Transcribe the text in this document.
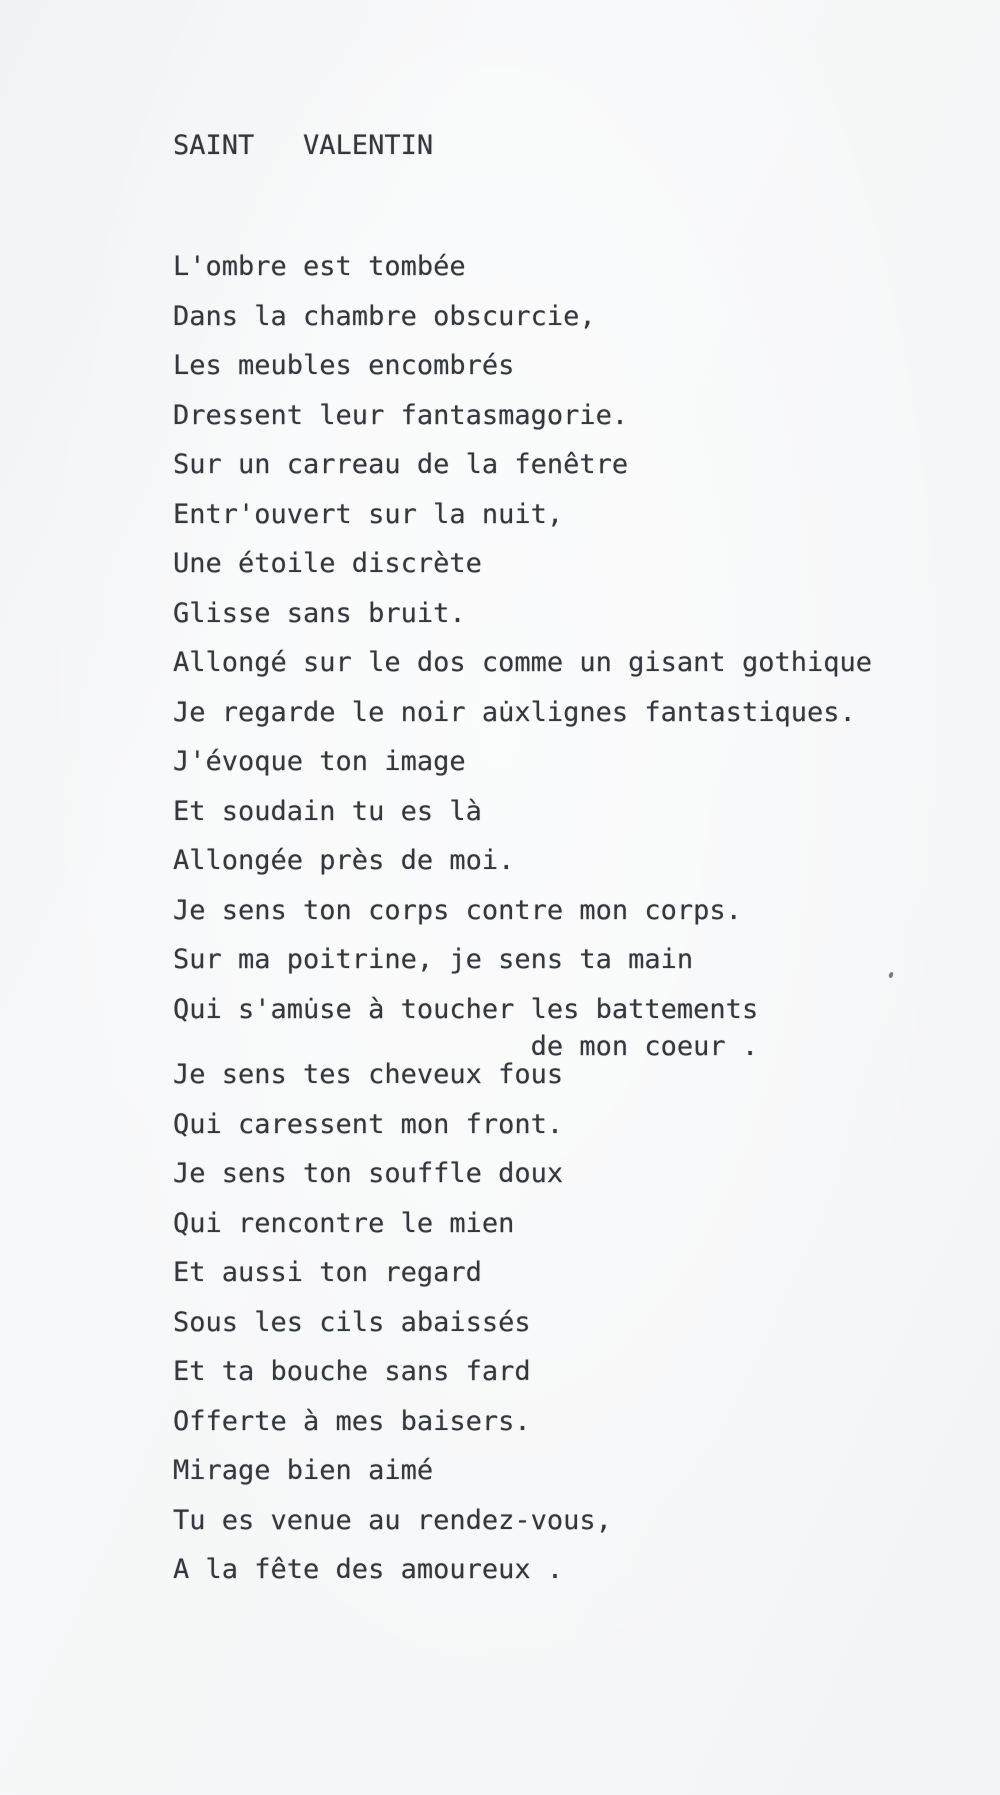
SAINT   VALENTIN
L'ombre est tombée
Dans la chambre obscurcie,
Les meubles encombrés
Dressent leur fantasmagorie.
Sur un carreau de la fenêtre
Entr'ouvert sur la nuit,
Une étoile discrète
Glisse sans bruit.
Allongé sur le dos comme un gisant gothique
Je regarde le noir au̇xlignes fantastiques.
J'évoque ton image
Et soudain tu es là
Allongée près de moi.
Je sens ton corps contre mon corps.
Sur ma poitrine, je sens ta main
Qui s'amu̇se à toucher les battements
de mon coeur .
Je sens tes cheveux fous
Qui caressent mon front.
Je sens ton souffle doux
Qui rencontre le mien
Et aussi ton regard
Sous les cils abaissés
Et ta bouche sans fard
Offerte à mes baisers.
Mirage bien aimé
Tu es venue au rendez-vous,
A la fête des amoureux .
